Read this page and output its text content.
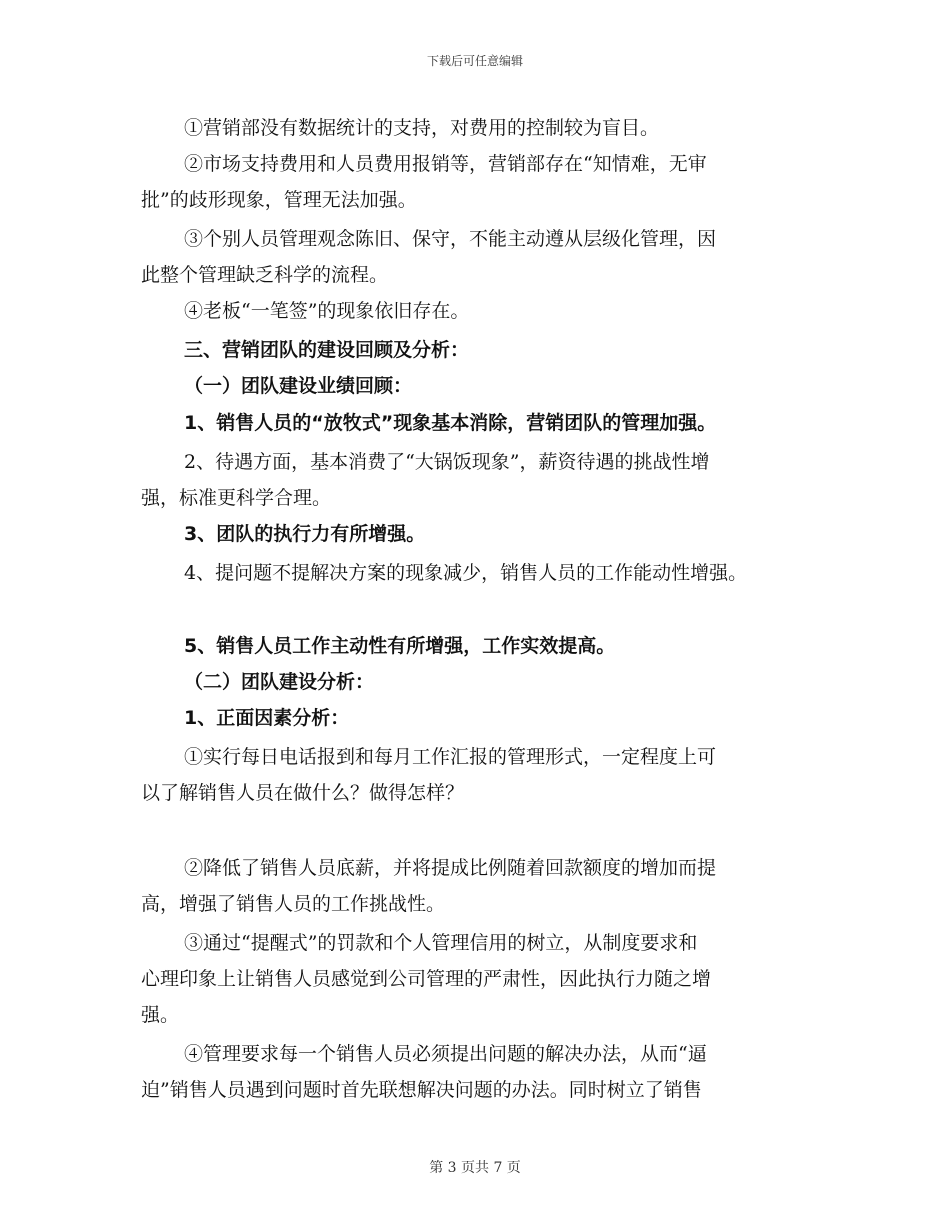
下载后可任意编辑
①营销部没有数据统计的支持，对费用的控制较为盲目。
②市场支持费用和人员费用报销等，营销部存在“知情难，无审
批”的歧形现象，管理无法加强。
③个别人员管理观念陈旧、保守，不能主动遵从层级化管理，因
此整个管理缺乏科学的流程。
④老板“一笔签”的现象依旧存在。
三、营销团队的建设回顾及分析：
（一）团队建设业绩回顾：
1、销售人员的“放牧式”现象基本消除，营销团队的管理加强。
2、待遇方面，基本消费了“大锅饭现象”，薪资待遇的挑战性增
强，标准更科学合理。
3、团队的执行力有所增强。
4、提问题不提解决方案的现象减少，销售人员的工作能动性增强。
5、销售人员工作主动性有所增强，工作实效提高。
（二）团队建设分析：
1、正面因素分析：
①实行每日电话报到和每月工作汇报的管理形式，一定程度上可
以了解销售人员在做什么？做得怎样？
②降低了销售人员底薪，并将提成比例随着回款额度的增加而提
高，增强了销售人员的工作挑战性。
③通过“提醒式”的罚款和个人管理信用的树立，从制度要求和
心理印象上让销售人员感觉到公司管理的严肃性，因此执行力随之增
强。
④管理要求每一个销售人员必须提出问题的解决办法，从而“逼
迫”销售人员遇到问题时首先联想解决问题的办法。同时树立了销售
第 3 页共 7 页
